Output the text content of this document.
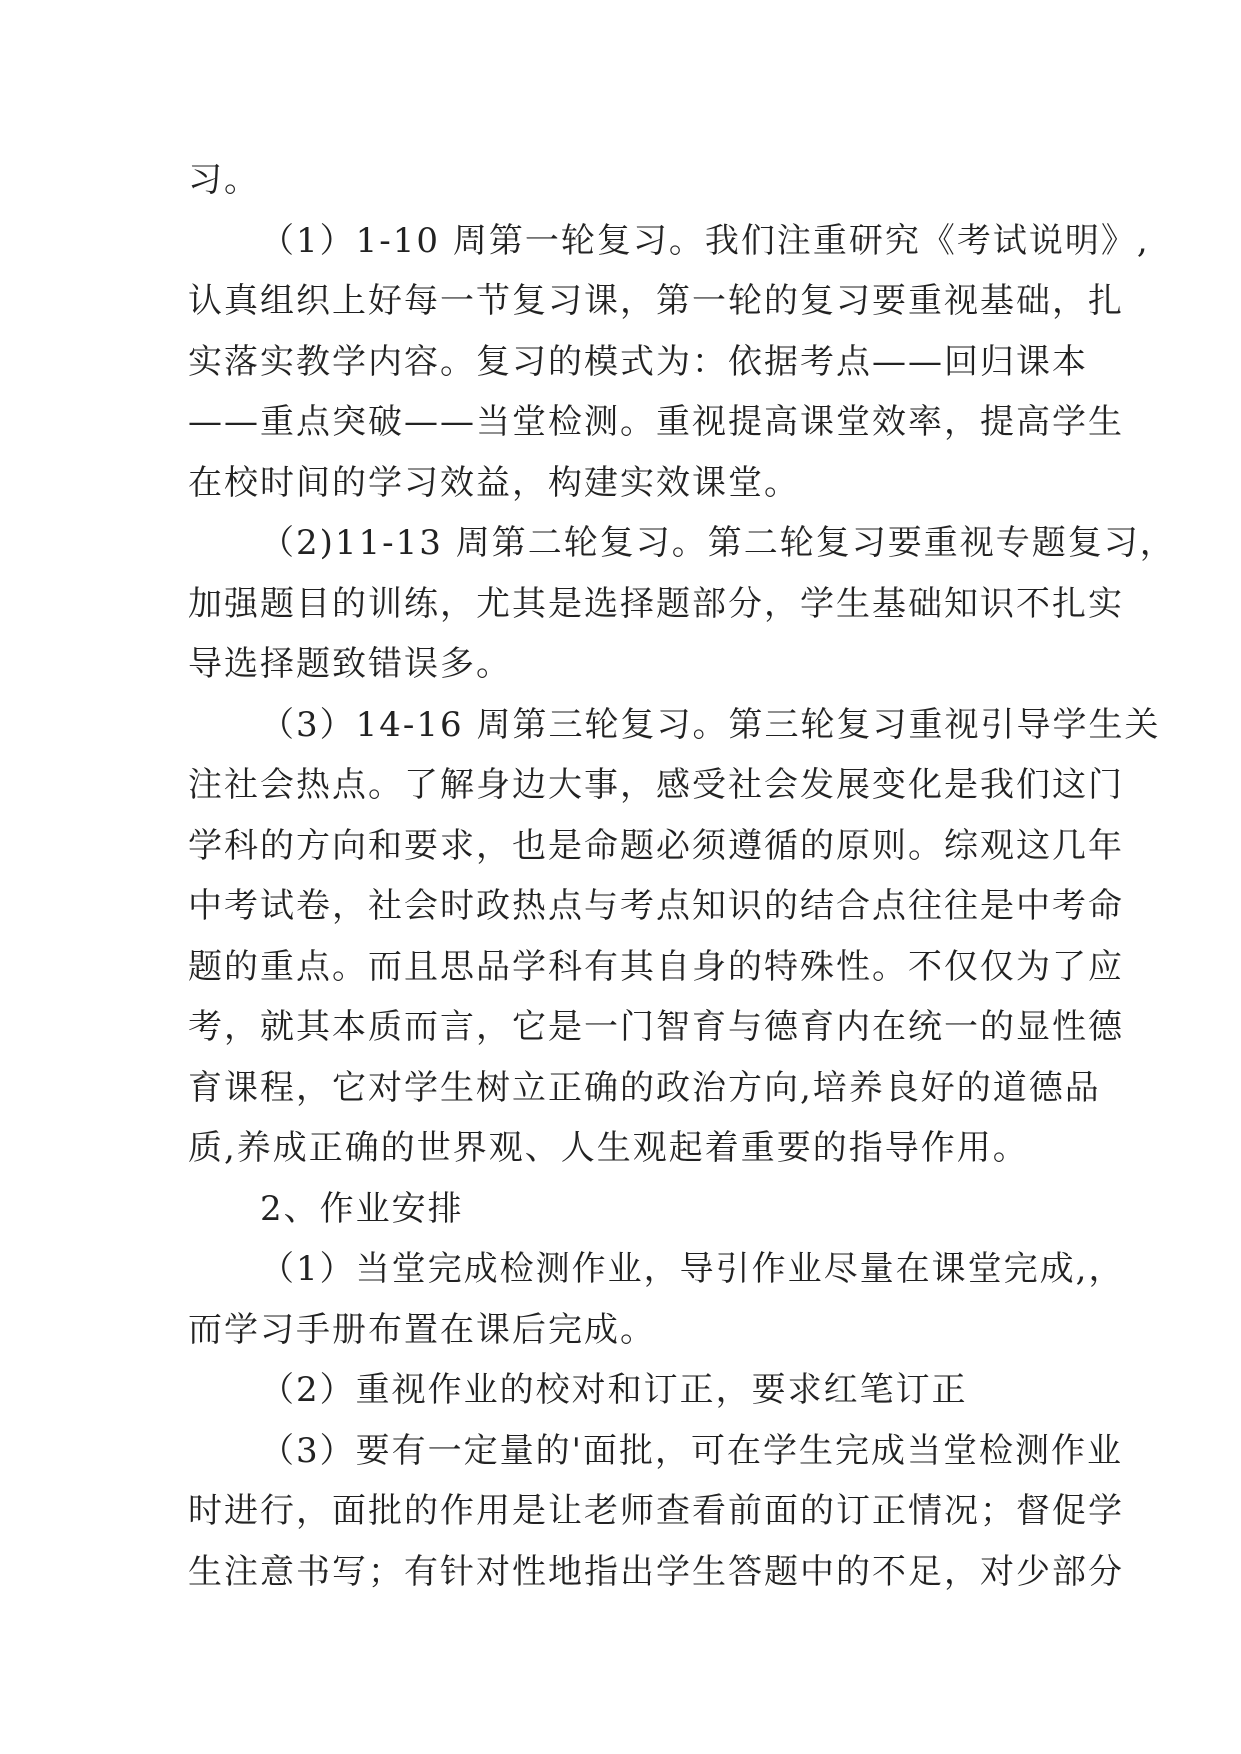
习。
（1）1-10 周第一轮复习。我们注重研究《考试说明》,
认真组织上好每一节复习课，第一轮的复习要重视基础，扎
实落实教学内容。复习的模式为：依据考点——回归课本
——重点突破——当堂检测。重视提高课堂效率，提高学生
在校时间的学习效益，构建实效课堂。
（2)11-13 周第二轮复习。第二轮复习要重视专题复习，
加强题目的训练，尤其是选择题部分，学生基础知识不扎实
导选择题致错误多。
（3）14-16 周第三轮复习。第三轮复习重视引导学生关
注社会热点。了解身边大事，感受社会发展变化是我们这门
学科的方向和要求，也是命题必须遵循的原则。综观这几年
中考试卷，社会时政热点与考点知识的结合点往往是中考命
题的重点。而且思品学科有其自身的特殊性。不仅仅为了应
考，就其本质而言，它是一门智育与德育内在统一的显性德
育课程，它对学生树立正确的政治方向,培养良好的道德品
质,养成正确的世界观、人生观起着重要的指导作用。
2、作业安排
（1）当堂完成检测作业，导引作业尽量在课堂完成,，
而学习手册布置在课后完成。
（2）重视作业的校对和订正，要求红笔订正
（3）要有一定量的'面批，可在学生完成当堂检测作业
时进行，面批的作用是让老师查看前面的订正情况；督促学
生注意书写；有针对性地指出学生答题中的不足，对少部分
